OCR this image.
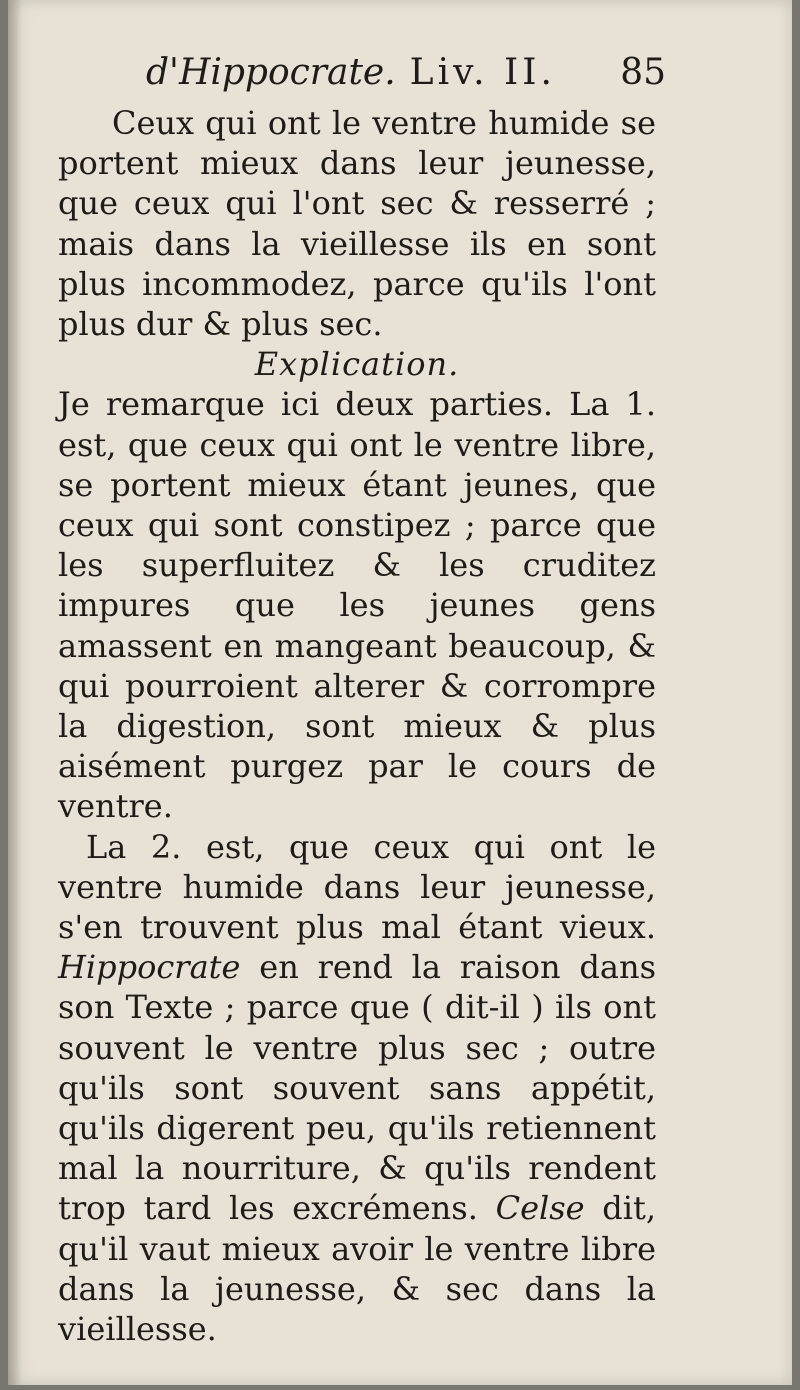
d'Hippocrate. Liv. II. 85

Ceux qui ont le ventre humide se portent mieux dans leur jeunesse, que ceux qui l'ont sec & resserré ; mais dans la vieillesse ils en sont plus incommodez, parce qu'ils l'ont plus dur & plus sec.

Explication.

Je remarque ici deux parties. La 1. est, que ceux qui ont le ventre libre, se portent mieux étant jeunes, que ceux qui sont constipez ; parce que les superfluitez & les cruditez impures que les jeunes gens amassent en mangeant beaucoup, & qui pourroient alterer & corrompre la digestion, sont mieux & plus aisément purgez par le cours de ventre.

La 2. est, que ceux qui ont le ventre humide dans leur jeunesse, s'en trouvent plus mal étant vieux. Hippocrate en rend la raison dans son Texte ; parce que ( dit-il ) ils ont souvent le ventre plus sec ; outre qu'ils sont souvent sans appétit, qu'ils digerent peu, qu'ils retiennent mal la nourriture, & qu'ils rendent trop tard les excrémens. Celse dit, qu'il vaut mieux avoir le ventre libre dans la jeunesse, & sec dans la vieillesse.
